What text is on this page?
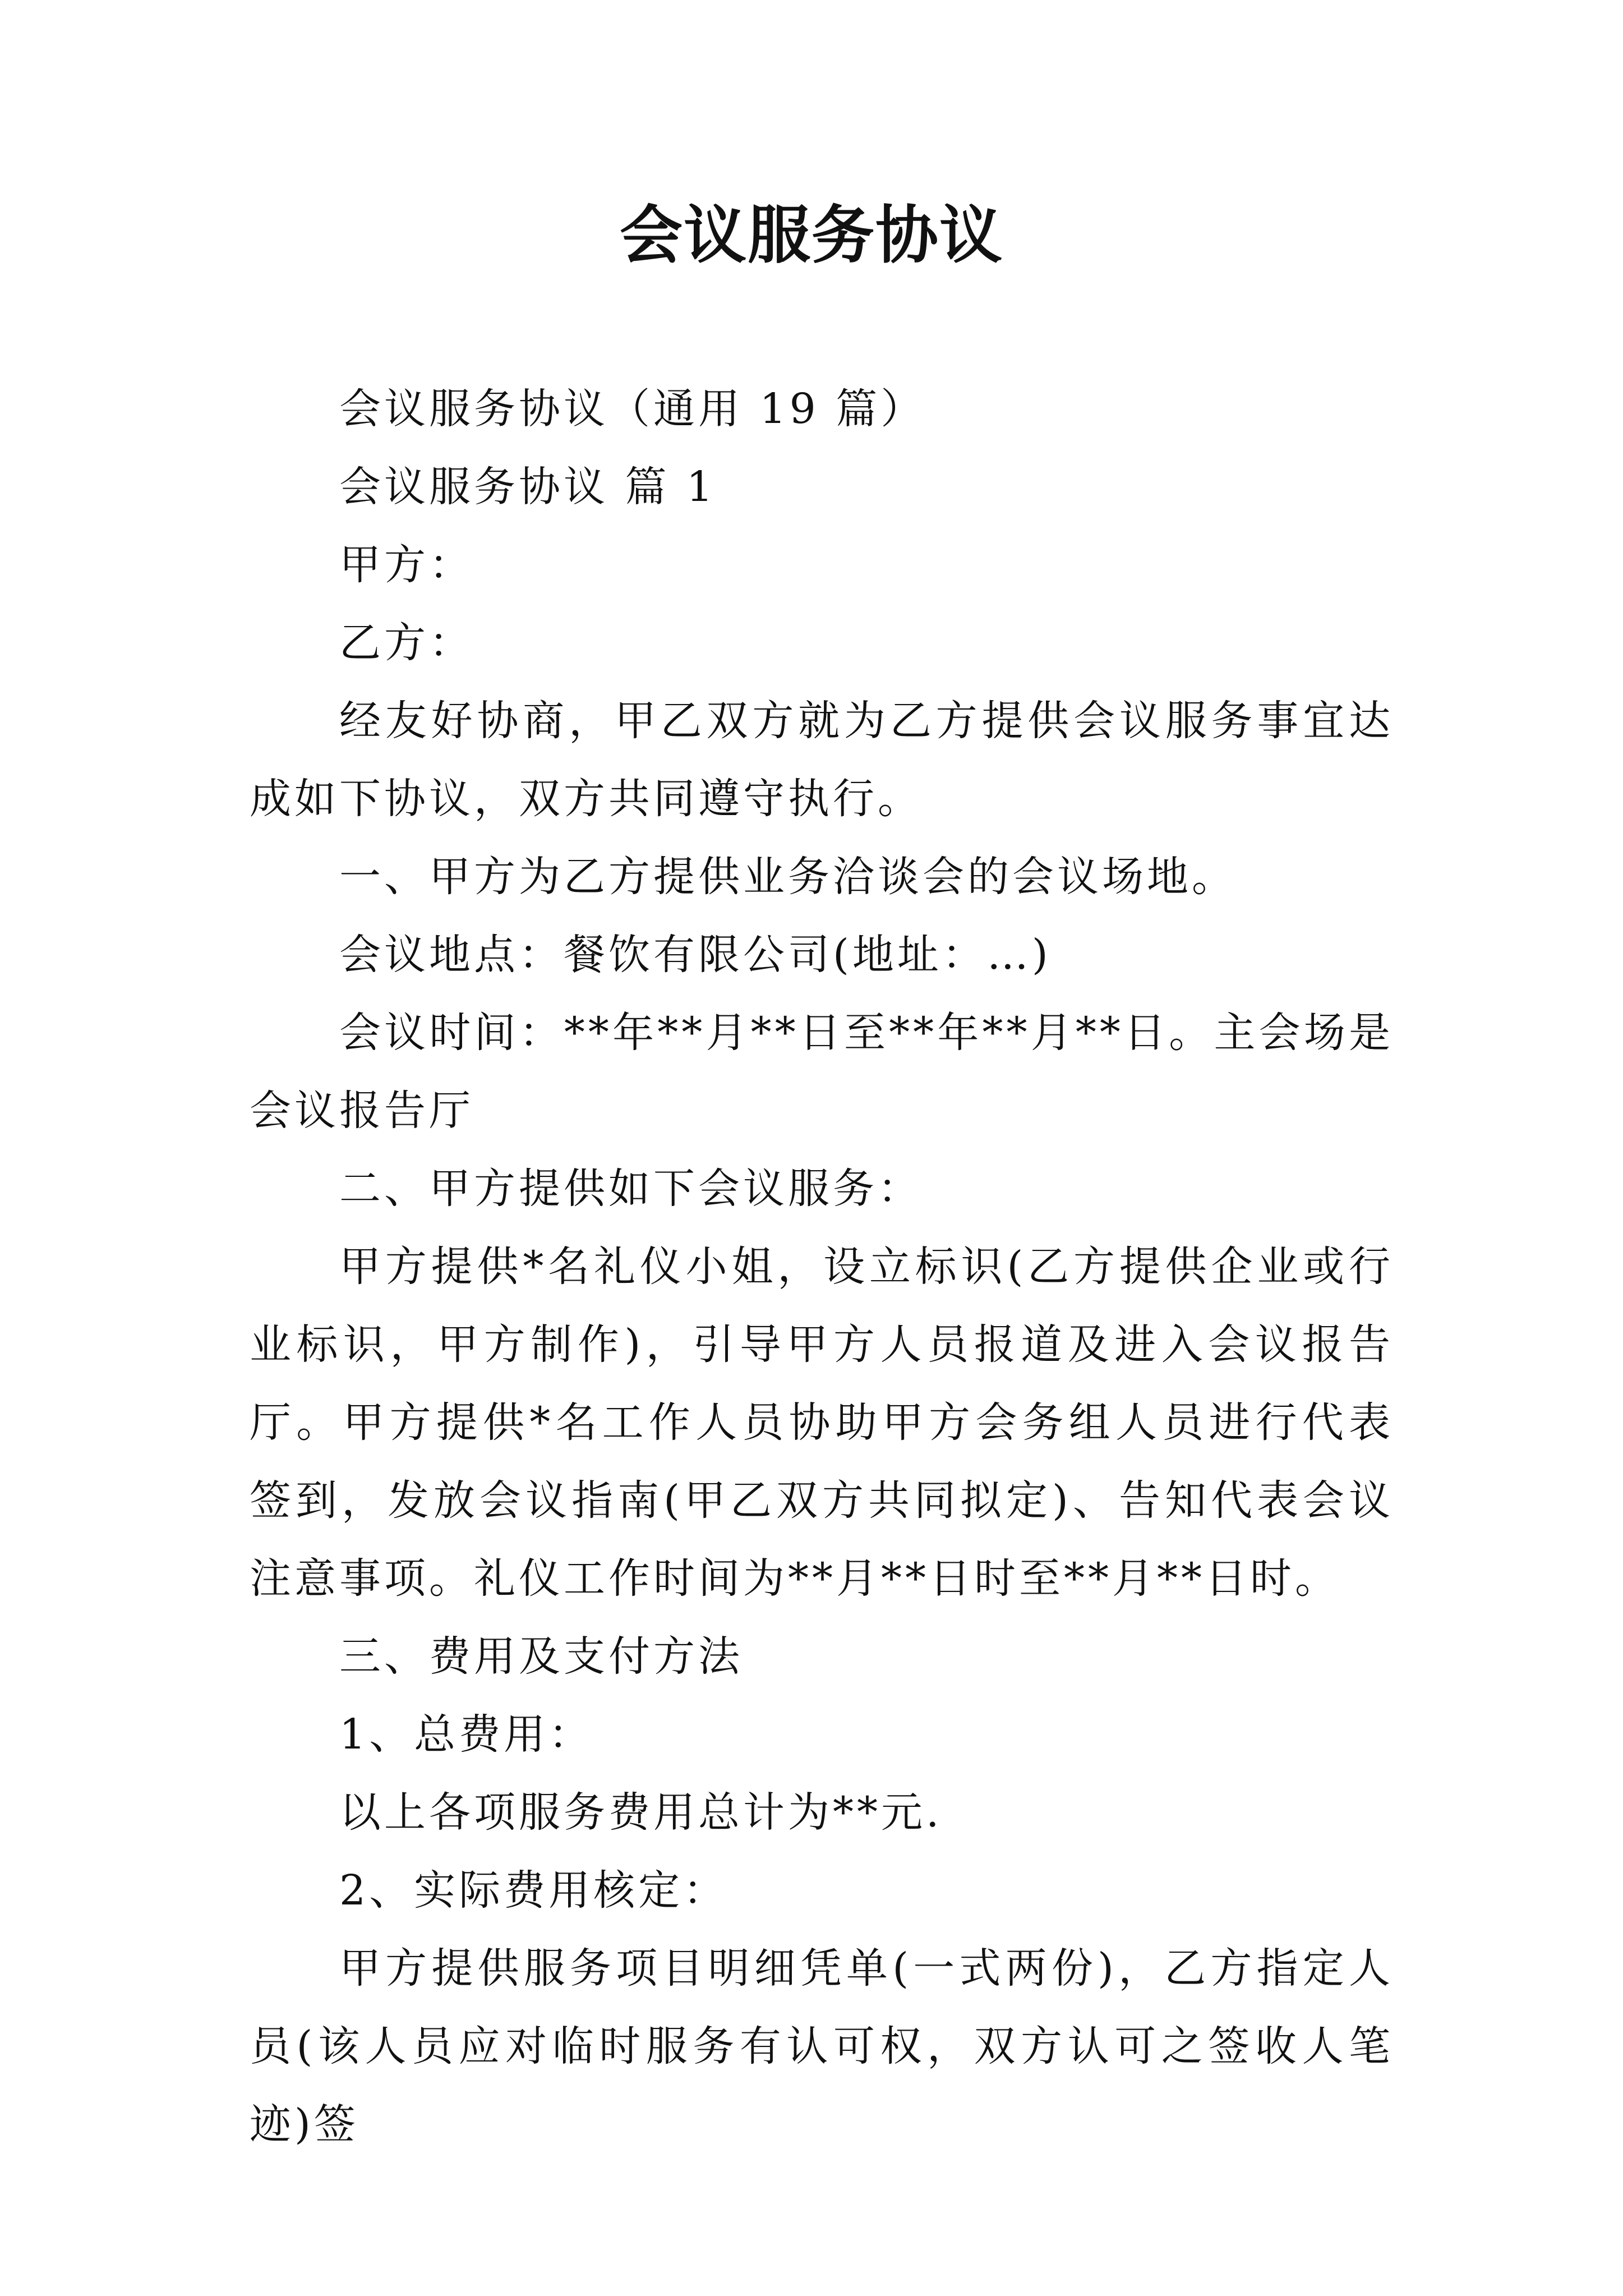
会议服务协议

会议服务协议（通用 19 篇）

会议服务协议 篇 1

甲方：

乙方：

经友好协商，甲乙双方就为乙方提供会议服务事宜达成如下协议，双方共同遵守执行。

一、甲方为乙方提供业务洽谈会的会议场地。

会议地点：餐饮有限公司(地址：…)

会议时间：**年**月**日至**年**月**日。主会场是会议报告厅

二、甲方提供如下会议服务：

甲方提供*名礼仪小姐，设立标识(乙方提供企业或行业标识，甲方制作)，引导甲方人员报道及进入会议报告厅。甲方提供*名工作人员协助甲方会务组人员进行代表签到，发放会议指南(甲乙双方共同拟定)、告知代表会议注意事项。礼仪工作时间为**月**日时至**月**日时。

三、费用及支付方法

1、总费用：

以上各项服务费用总计为**元.

2、实际费用核定：

甲方提供服务项目明细凭单(一式两份)，乙方指定人员(该人员应对临时服务有认可权，双方认可之签收人笔迹)签
